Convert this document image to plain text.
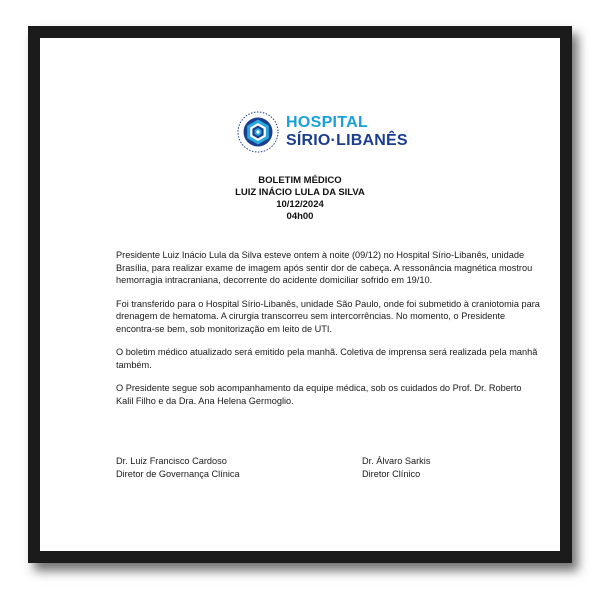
HOSPITAL
SÍRIO·LIBANÊS
BOLETIM MÉDICO
LUIZ INÁCIO LULA DA SILVA
10/12/2024
04h00

Presidente Luiz Inácio Lula da Silva esteve ontem à noite (09/12) no Hospital Sírio-Libanês, unidade Brasília, para realizar exame de imagem após sentir dor de cabeça. A ressonância magnética mostrou hemorragia intracraniana, decorrente do acidente domiciliar sofrido em 19/10.

Foi transferido para o Hospital Sírio-Libanês, unidade São Paulo, onde foi submetido à craniotomia para drenagem de hematoma. A cirurgia transcorreu sem intercorrências. No momento, o Presidente encontra-se bem, sob monitorização em leito de UTI.

O boletim médico atualizado será emitido pela manhã. Coletiva de imprensa será realizada pela manhã também.

O Presidente segue sob acompanhamento da equipe médica, sob os cuidados do Prof. Dr. Roberto Kalil Filho e da Dra. Ana Helena Germoglio.

Dr. Luiz Francisco Cardoso
Diretor de Governança Clínica
Dr. Álvaro Sarkis
Diretor Clínico
